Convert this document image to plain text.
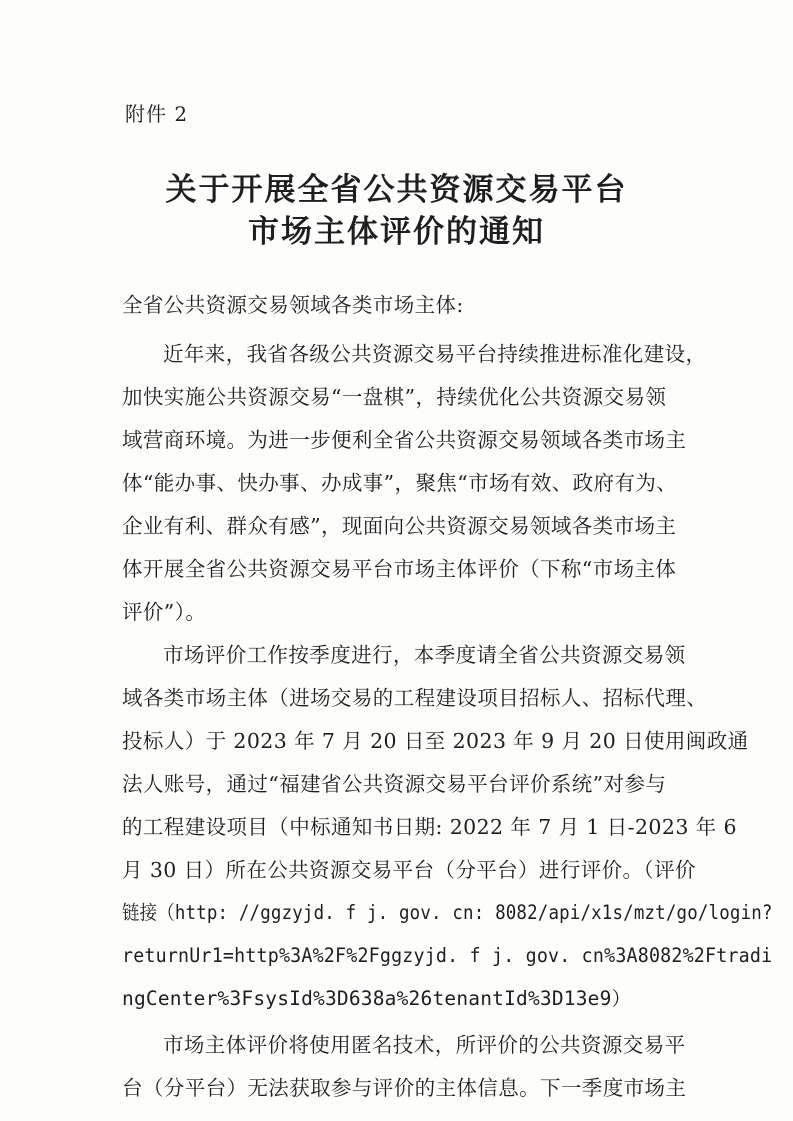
附件 2
关于开展全省公共资源交易平台
市场主体评价的通知
全省公共资源交易领域各类市场主体:
近年来，我省各级公共资源交易平台持续推进标准化建设，
加快实施公共资源交易“一盘棋”，持续优化公共资源交易领
域营商环境。为进一步便利全省公共资源交易领域各类市场主
体“能办事、快办事、办成事”，聚焦“市场有效、政府有为、
企业有利、群众有感”，现面向公共资源交易领域各类市场主
体开展全省公共资源交易平台市场主体评价（下称“市场主体
评价”）。
市场评价工作按季度进行，本季度请全省公共资源交易领
域各类市场主体（进场交易的工程建设项目招标人、招标代理、
投标人）于 2023 年 7 月 20 日至 2023 年 9 月 20 日使用闽政通
法人账号，通过“福建省公共资源交易平台评价系统”对参与
的工程建设项目（中标通知书日期: 2022 年 7 月 1 日-2023 年 6
月 30 日）所在公共资源交易平台（分平台）进行评价。（评价
链接（http: //ggzyjd. f j. gov. cn: 8082/api/x1s/mzt/go/login?
returnUr1=http%3A%2F%2Fggzyjd. f j. gov. cn%3A8082%2Ftradi
ngCenter%3FsysId%3D638a%26tenantId%3D13e9）
市场主体评价将使用匿名技术，所评价的公共资源交易平
台（分平台）无法获取参与评价的主体信息。下一季度市场主
